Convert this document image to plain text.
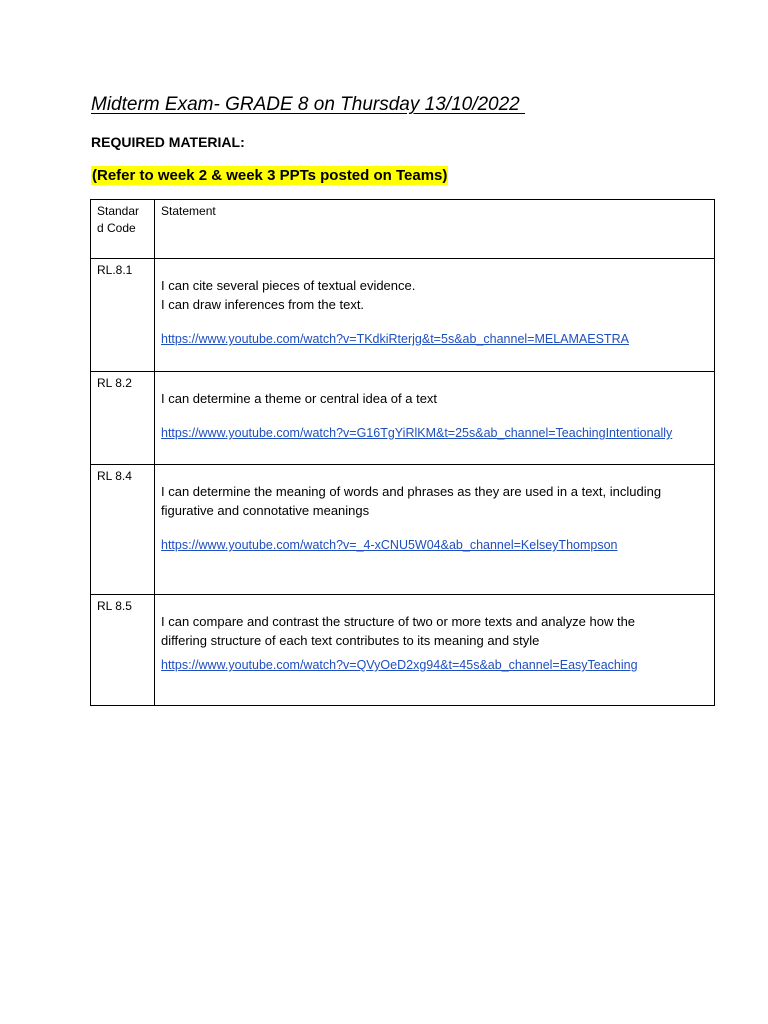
Midterm Exam- GRADE 8 on Thursday 13/10/2022
REQUIRED MATERIAL:
(Refer to week 2 & week 3 PPTs posted on Teams)
Standar
d Code	Statement
RL.8.1	I can cite several pieces of textual evidence.
I can draw inferences from the text.
https://www.youtube.com/watch?v=TKdkiRterjg&t=5s&ab_channel=MELAMAESTRA
RL 8.2	I can determine a theme or central idea of a text
https://www.youtube.com/watch?v=G16TgYiRlKM&t=25s&ab_channel=TeachingIntentionally
RL 8.4	I can determine the meaning of words and phrases as they are used in a text, including
figurative and connotative meanings
https://www.youtube.com/watch?v=_4-xCNU5W04&ab_channel=KelseyThompson
RL 8.5	I can compare and contrast the structure of two or more texts and analyze how the
differing structure of each text contributes to its meaning and style
https://www.youtube.com/watch?v=QVyOeD2xg94&t=45s&ab_channel=EasyTeaching
